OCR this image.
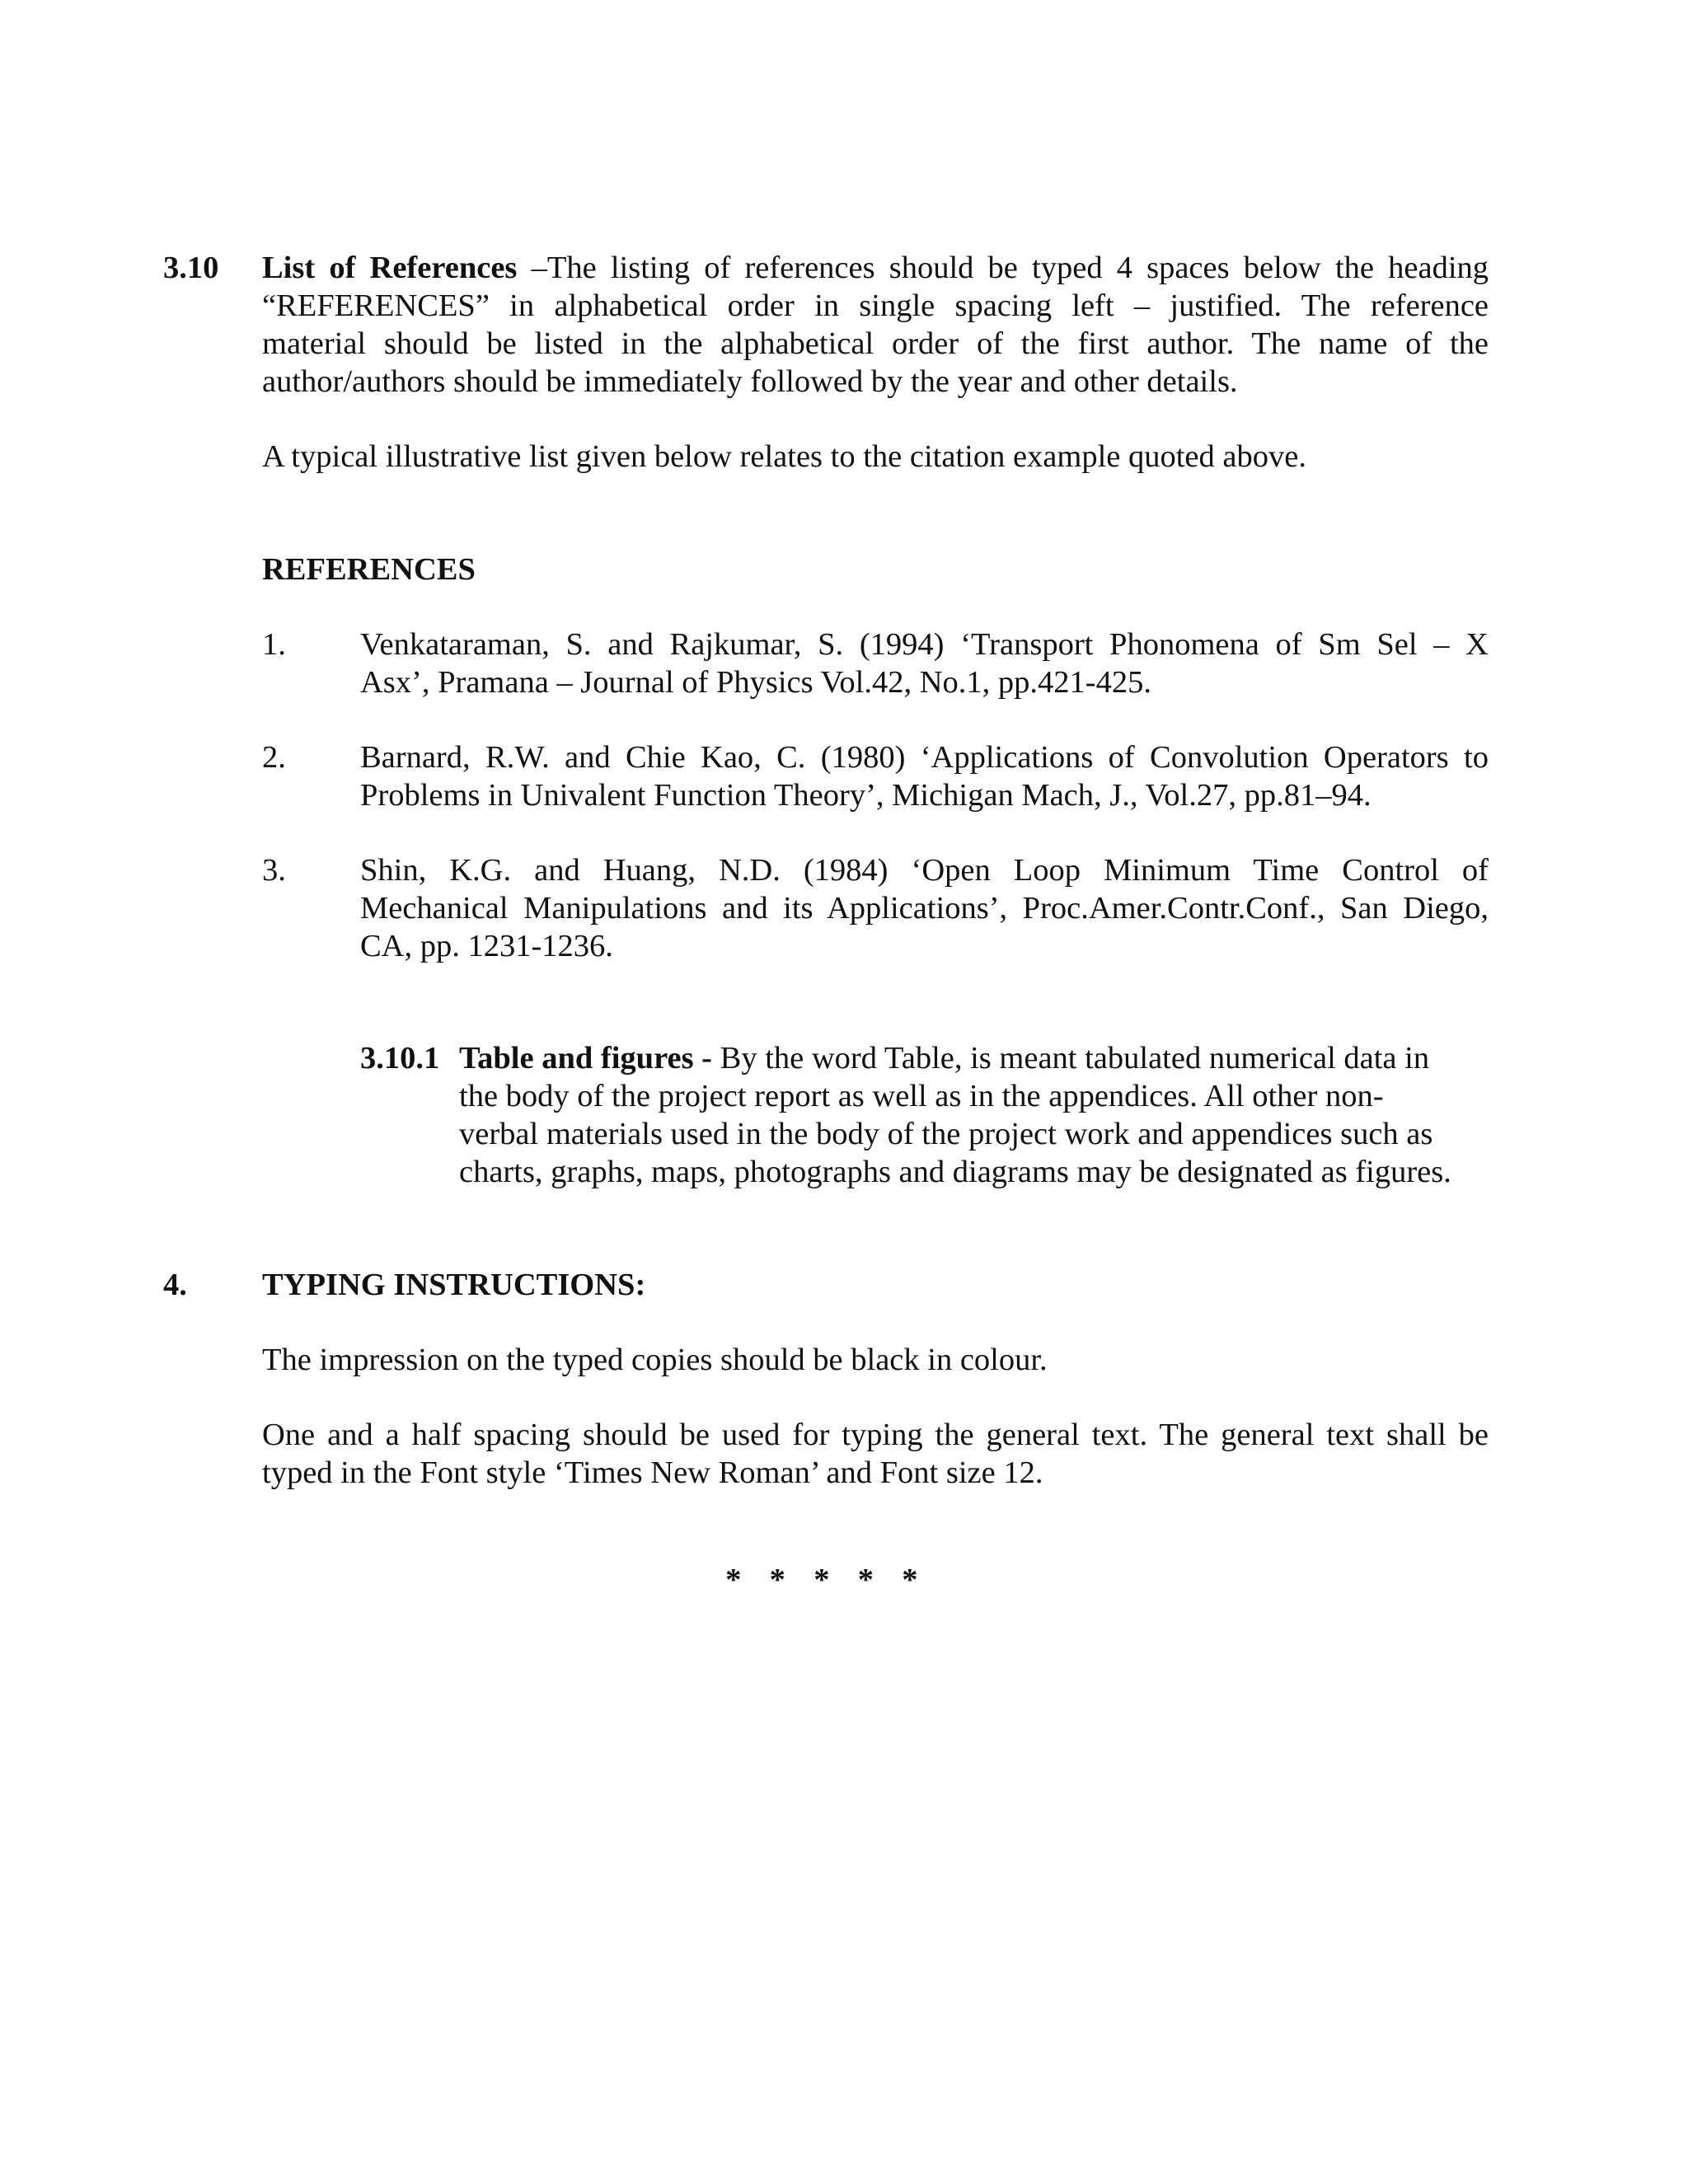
3.10 List of References –The listing of references should be typed 4 spaces below the heading
“REFERENCES” in alphabetical order in single spacing left – justified. The reference
material should be listed in the alphabetical order of the first author. The name of the
author/authors should be immediately followed by the year and other details.
A typical illustrative list given below relates to the citation example quoted above.
REFERENCES
1. Venkataraman, S. and Rajkumar, S. (1994) ‘Transport Phonomena of Sm Sel – X
Asx’, Pramana – Journal of Physics Vol.42, No.1, pp.421-425.
2. Barnard, R.W. and Chie Kao, C. (1980) ‘Applications of Convolution Operators to
Problems in Univalent Function Theory’, Michigan Mach, J., Vol.27, pp.81–94.
3. Shin, K.G. and Huang, N.D. (1984) ‘Open Loop Minimum Time Control of
Mechanical Manipulations and its Applications’, Proc.Amer.Contr.Conf., San Diego,
CA, pp. 1231-1236.
3.10.1 Table and figures - By the word Table, is meant tabulated numerical data in
the body of the project report as well as in the appendices. All other non-
verbal materials used in the body of the project work and appendices such as
charts, graphs, maps, photographs and diagrams may be designated as figures.
4. TYPING INSTRUCTIONS:
The impression on the typed copies should be black in colour.
One and a half spacing should be used for typing the general text. The general text shall be
typed in the Font style ‘Times New Roman’ and Font size 12.
* * * * *
